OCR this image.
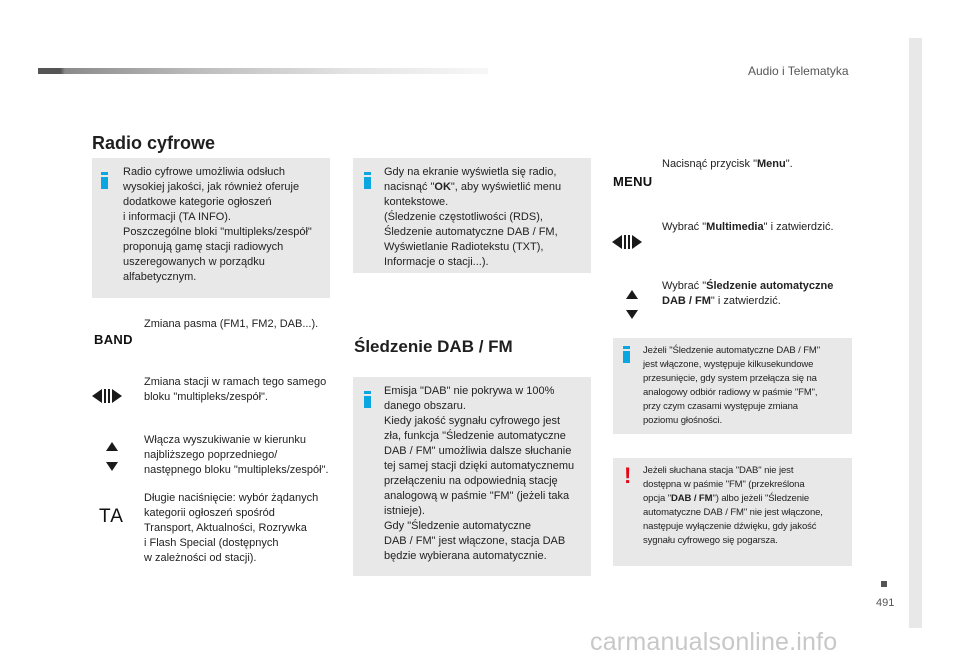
Audio i Telematyka
491
Radio cyfrowe
Radio cyfrowe umożliwia odsłuch
wysokiej jakości, jak również oferuje
dodatkowe kategorie ogłoszeń
i informacji (TA INFO).
Poszczególne bloki "multipleks/zespół"
proponują gamę stacji radiowych
uszeregowanych w porządku
alfabetycznym.
BAND
Zmiana pasma (FM1, FM2, DAB...).
Zmiana stacji w ramach tego samego
bloku "multipleks/zespół".
Włącza wyszukiwanie w kierunku
najbliższego poprzedniego/
następnego bloku "multipleks/zespół".
TA
Długie naciśnięcie: wybór żądanych
kategorii ogłoszeń spośród
Transport, Aktualności, Rozrywka
i Flash Special (dostępnych
w zależności od stacji).
Gdy na ekranie wyświetla się radio,
nacisnąć "OK", aby wyświetlić menu
kontekstowe.
(Śledzenie częstotliwości (RDS),
Śledzenie automatyczne DAB / FM,
Wyświetlanie Radiotekstu (TXT),
Informacje o stacji...).
Śledzenie DAB / FM
Emisja "DAB" nie pokrywa w 100%
danego obszaru.
Kiedy jakość sygnału cyfrowego jest
zła, funkcja "Śledzenie automatyczne
DAB / FM" umożliwia dalsze słuchanie
tej samej stacji dzięki automatycznemu
przełączeniu na odpowiednią stację
analogową w paśmie "FM" (jeżeli taka
istnieje).
Gdy "Śledzenie automatyczne
DAB / FM" jest włączone, stacja DAB
będzie wybierana automatycznie.
MENU
Nacisnąć przycisk "Menu".
Wybrać "Multimedia" i zatwierdzić.
Wybrać "Śledzenie automatyczne
DAB / FM" i zatwierdzić.
Jeżeli "Śledzenie automatyczne DAB / FM"
jest włączone, występuje kilkusekundowe
przesunięcie, gdy system przełącza się na
analogowy odbiór radiowy w paśmie "FM",
przy czym czasami występuje zmiana
poziomu głośności.
! Jeżeli słuchana stacja "DAB" nie jest
dostępna w paśmie "FM" (przekreślona
opcja "DAB / FM") albo jeżeli "Śledzenie
automatyczne DAB / FM" nie jest włączone,
następuje wyłączenie dźwięku, gdy jakość
sygnału cyfrowego się pogarsza.
carmanualsonline.info
